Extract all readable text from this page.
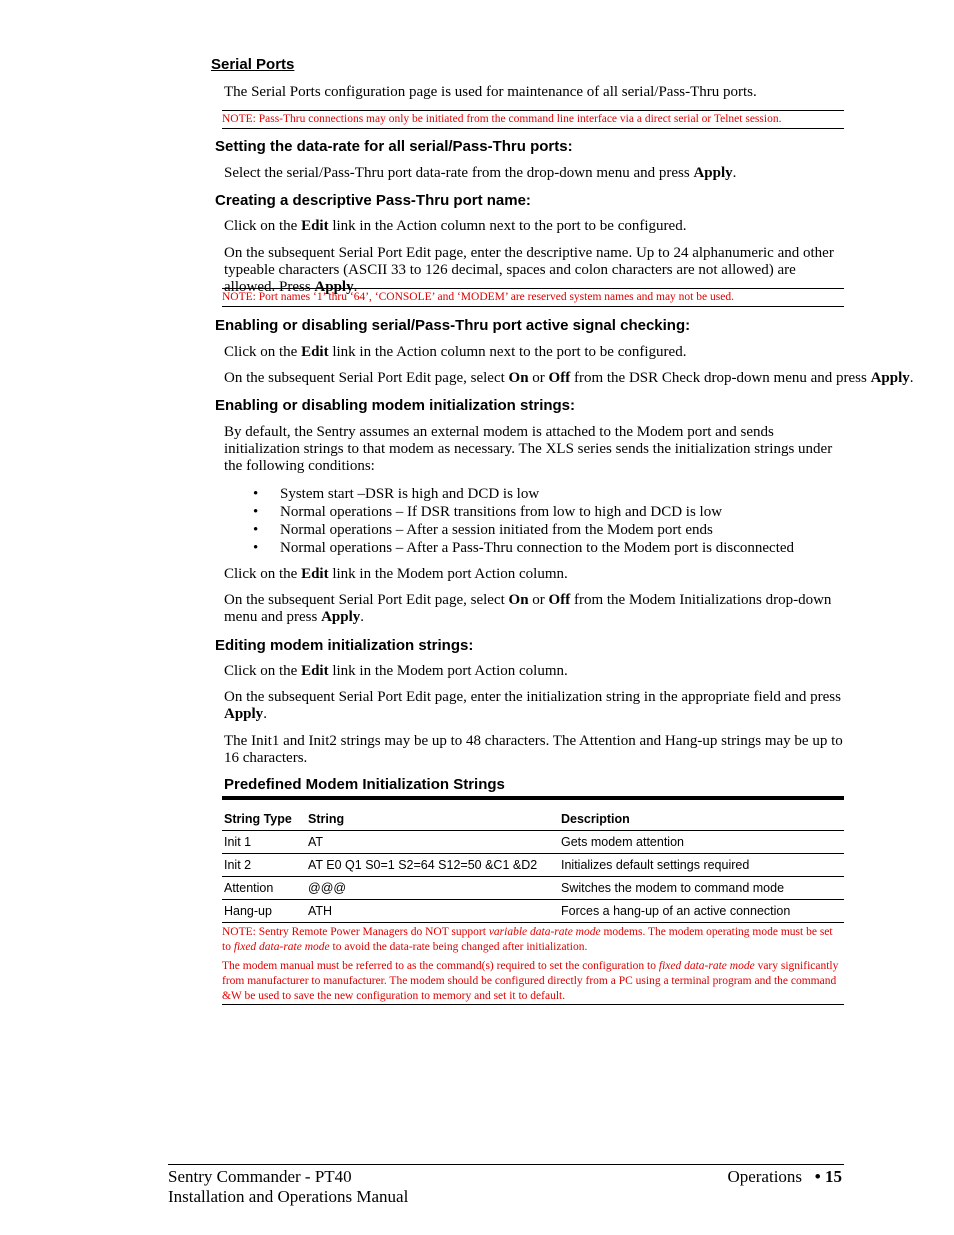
Serial Ports
The Serial Ports configuration page is used for maintenance of all serial/Pass-Thru ports.
NOTE: Pass-Thru connections may only be initiated from the command line interface via a direct serial or Telnet session.
Setting the data-rate for all serial/Pass-Thru ports:
Select the serial/Pass-Thru port data-rate from the drop-down menu and press Apply.
Creating a descriptive Pass-Thru port name:
Click on the Edit link in the Action column next to the port to be configured.
On the subsequent Serial Port Edit page, enter the descriptive name. Up to 24 alphanumeric and other typeable characters (ASCII 33 to 126 decimal, spaces and colon characters are not allowed) are allowed. Press Apply.
NOTE: Port names ‘1’ thru ‘64’, ‘CONSOLE’ and ‘MODEM’ are reserved system names and may not be used.
Enabling or disabling serial/Pass-Thru port active signal checking:
Click on the Edit link in the Action column next to the port to be configured.
On the subsequent Serial Port Edit page, select On or Off from the DSR Check drop-down menu and press Apply.
Enabling or disabling modem initialization strings:
By default, the Sentry assumes an external modem is attached to the Modem port and sends initialization strings to that modem as necessary. The XLS series sends the initialization strings under the following conditions:
• System start –DSR is high and DCD is low
• Normal operations – If DSR transitions from low to high and DCD is low
• Normal operations – After a session initiated from the Modem port ends
• Normal operations – After a Pass-Thru connection to the Modem port is disconnected
Click on the Edit link in the Modem port Action column.
On the subsequent Serial Port Edit page, select On or Off from the Modem Initializations drop-down menu and press Apply.
Editing modem initialization strings:
Click on the Edit link in the Modem port Action column.
On the subsequent Serial Port Edit page, enter the initialization string in the appropriate field and press Apply.
The Init1 and Init2 strings may be up to 48 characters. The Attention and Hang-up strings may be up to 16 characters.
Predefined Modem Initialization Strings
String Type	String	Description
Init 1	AT	Gets modem attention
Init 2	AT E0 Q1 S0=1 S2=64 S12=50 &C1 &D2	Initializes default settings required
Attention	@@@	Switches the modem to command mode
Hang-up	ATH	Forces a hang-up of an active connection
NOTE: Sentry Remote Power Managers do NOT support variable data-rate mode modems. The modem operating mode must be set to fixed data-rate mode to avoid the data-rate being changed after initialization.
The modem manual must be referred to as the command(s) required to set the configuration to fixed data-rate mode vary significantly from manufacturer to manufacturer. The modem should be configured directly from a PC using a terminal program and the command &W be used to save the new configuration to memory and set it to default.
Sentry Commander - PT40
Installation and Operations Manual
Operations • 15
